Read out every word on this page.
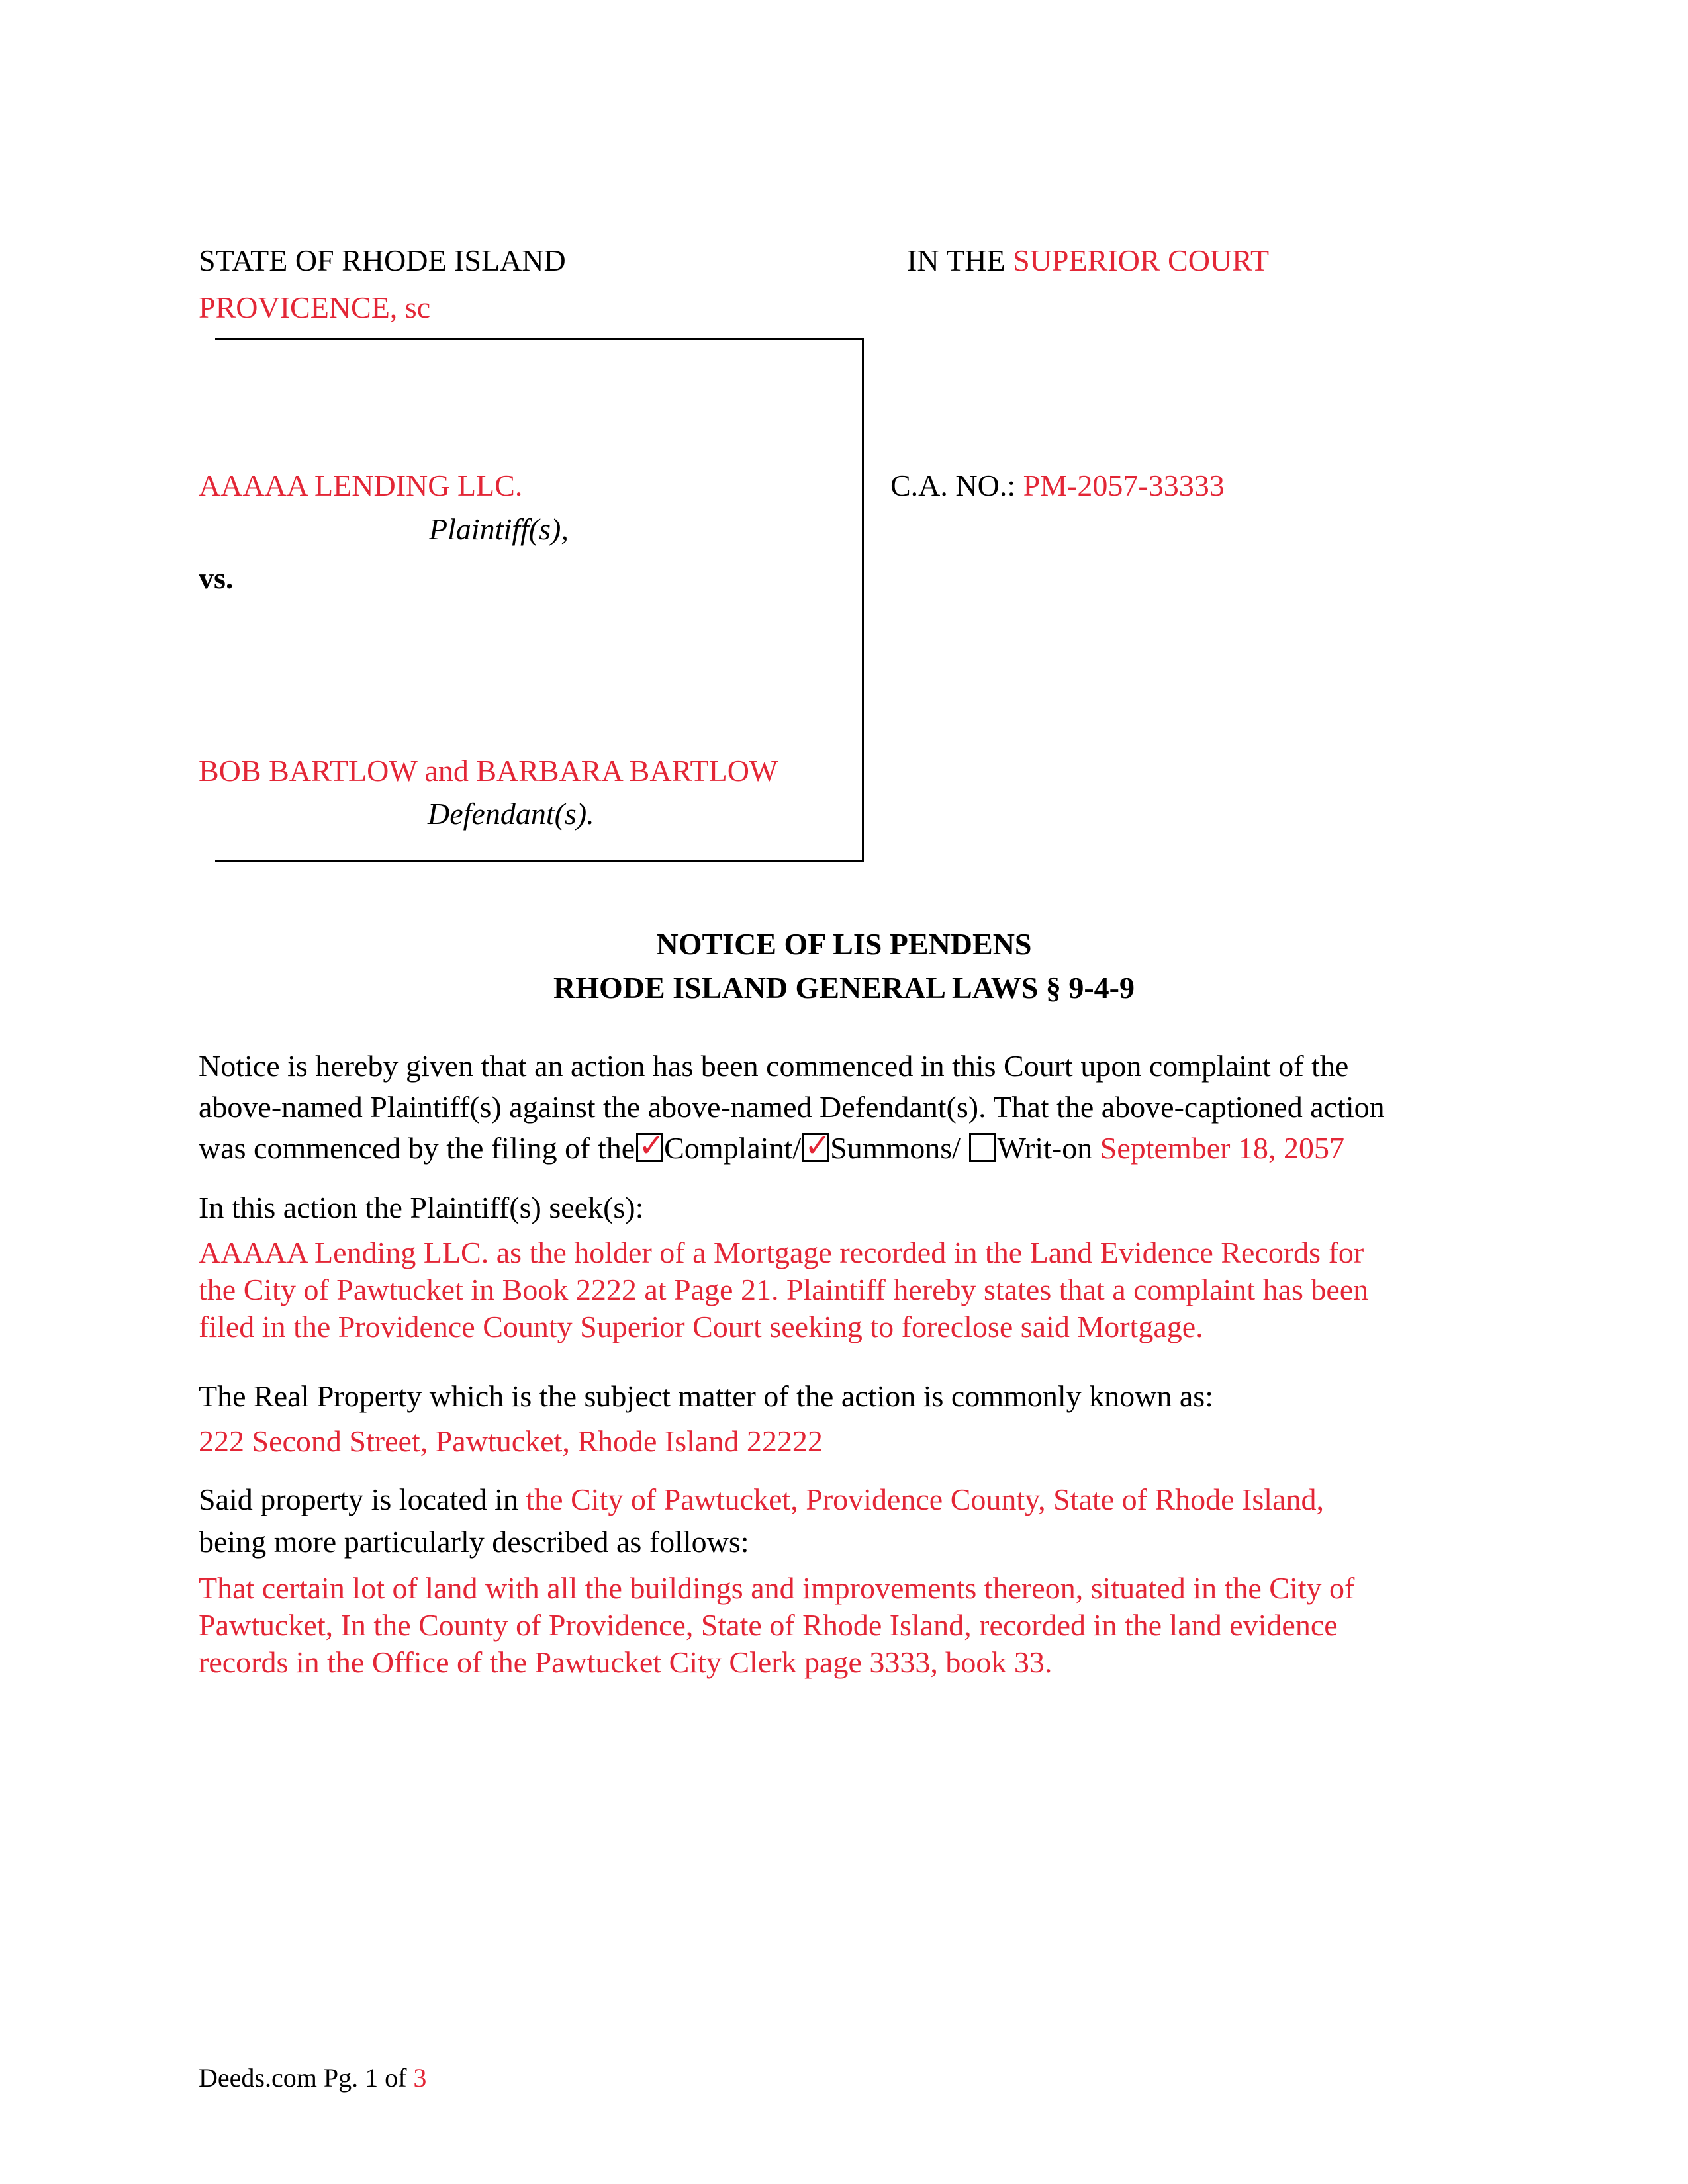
STATE OF RHODE ISLAND
PROVICENCE, sc
IN THE SUPERIOR COURT
AAAAA LENDING LLC.
Plaintiff(s),
vs.
BOB BARTLOW and BARBARA BARTLOW
Defendant(s).
C.A. NO.: PM-2057-33333
NOTICE OF LIS PENDENS
RHODE ISLAND GENERAL LAWS § 9-4-9
Notice is hereby given that an action has been commenced in this Court upon complaint of the
above-named Plaintiff(s) against the above-named Defendant(s). That the above-captioned action
was commenced by the filing of the ✓
Complaint/ ✓
Summons/ Writ-on September 18, 2057
In this action the Plaintiff(s) seek(s):
AAAAA Lending LLC. as the holder of a Mortgage recorded in the Land Evidence Records for
the City of Pawtucket in Book 2222 at Page 21. Plaintiff hereby states that a complaint has been
filed in the Providence County Superior Court seeking to foreclose said Mortgage.
The Real Property which is the subject matter of the action is commonly known as:
222 Second Street, Pawtucket, Rhode Island 22222
Said property is located in the City of Pawtucket, Providence County, State of Rhode Island,
being more particularly described as follows:
That certain lot of land with all the buildings and improvements thereon, situated in the City of
Pawtucket, In the County of Providence, State of Rhode Island, recorded in the land evidence
records in the Office of the Pawtucket City Clerk page 3333, book 33.
Deeds.com Pg. 1 of 3
